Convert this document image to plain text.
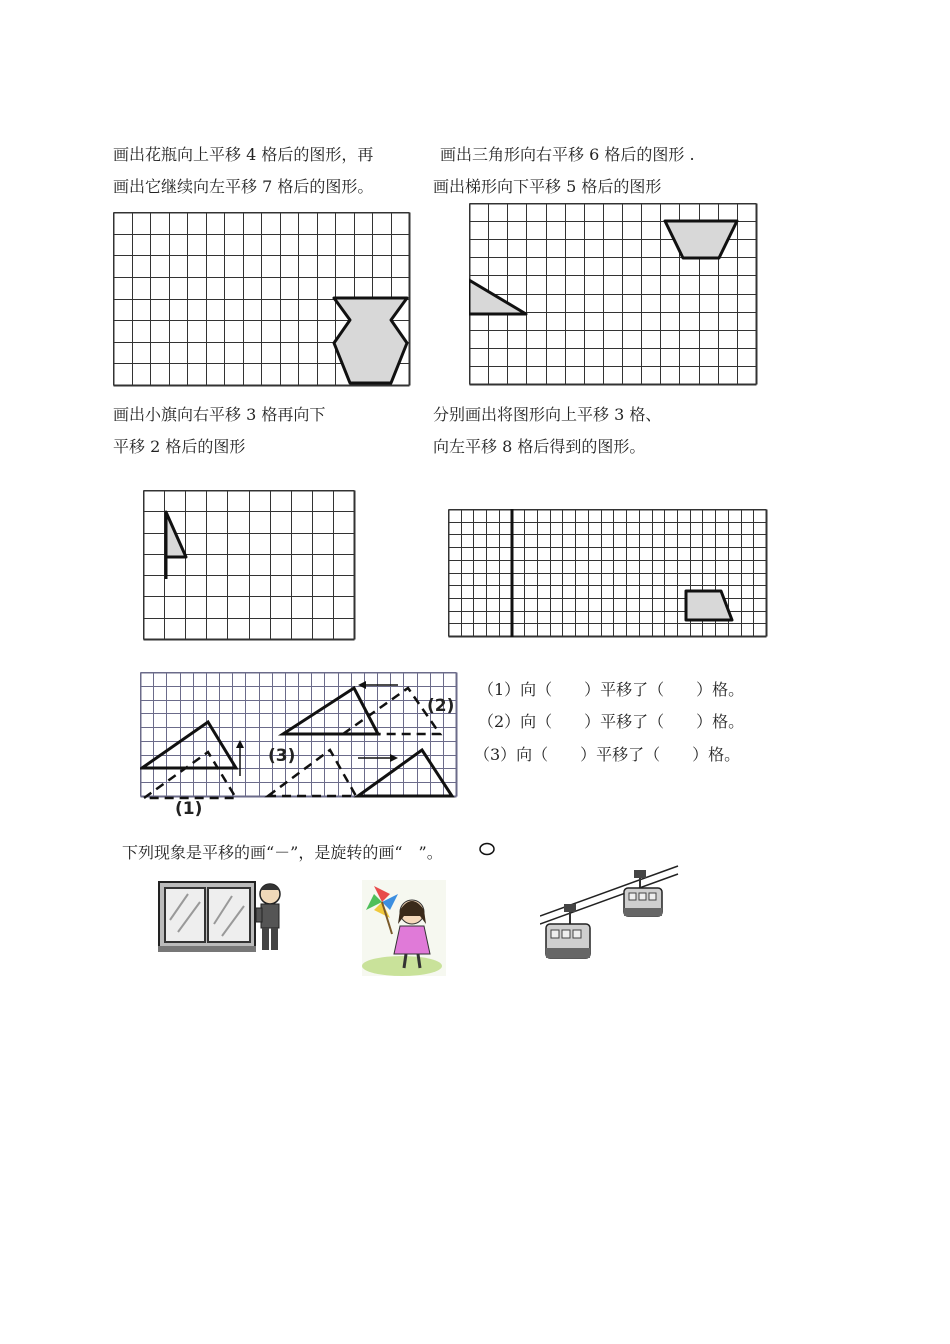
画出花瓶向上平移 4 格后的图形，再
画出它继续向左平移 7 格后的图形。
画出三角形向右平移 6 格后的图形 .
画出梯形向下平移 5 格后的图形
画出小旗向右平移 3 格再向下
平移 2 格后的图形
分别画出将图形向上平移 3 格、
向左平移 8 格后得到的图形。
(1)
(2)
(3)
（1）向（　　）平移了（　　）格。
（2）向（　　）平移了（　　）格。
（3）向（　　）平移了（　　）格。
下列现象是平移的画“－”，是旋转的画“　”。
